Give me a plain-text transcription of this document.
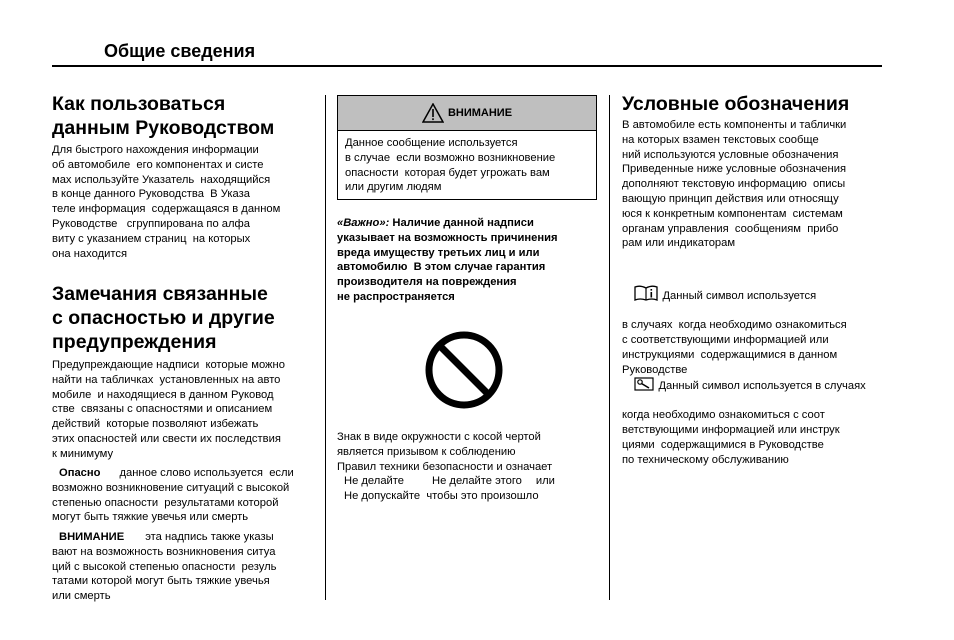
Общие сведения
Как пользоваться
данным Руководством
Для быстрого нахождения информации
об автомобиле  его компонентах и систе
мах используйте Указатель  находящийся
в конце данного Руководства  В Указа
теле информация  содержащаяся в данном
Руководстве   сгруппирована по алфа
виту с указанием страниц  на которых
она находится
Замечания связанные
с опасностью и другие
предупреждения
Предупреждающие надписи  которые можно
найти на табличках  установленных на авто
мобиле  и находящиеся в данном Руковод
стве  связаны с опасностями и описанием
действий  которые позволяют избежать
этих опасностей или свести их последствия
к минимуму
Опасно данное слово используется  если
возможно возникновение ситуаций с высокой
степенью опасности  результатами которой
могут быть тяжкие увечья или смерть
ВНИМАНИЕ эта надпись также указы
вают на возможность возникновения ситуа
ций с высокой степенью опасности  резуль
татами которой могут быть тяжкие увечья
или смерть
ВНИМАНИЕ
Данное сообщение используется
в случае  если возможно возникновение
опасности  которая будет угрожать вам
или другим людям
«Важно»: Наличие данной надписи
указывает на возможность причинения
вреда имуществу третьих лиц и или
автомобилю  В этом случае гарантия
производителя на повреждения
не распространяется
Знак в виде окружности с косой чертой
является призывом к соблюдению
Правил техники безопасности и означает
Не делайте	Не делайте этого или
Не допускайте  чтобы это произошло
Условные обозначения
В автомобиле есть компоненты и таблички
на которых взамен текстовых сообще
ний используются условные обозначения
Приведенные ниже условные обозначения
дополняют текстовую информацию  описы
вающую принцип действия или относящу
юся к конкретным компонентам  системам
органам управления  сообщениям  прибо
рам или индикаторам

Данный символ используется

в случаях  когда необходимо ознакомиться
с соответствующими информацией или
инструкциями  содержащимися в данном
Руководстве

Данный символ используется в случаях

когда необходимо ознакомиться с соот
ветствующими информацией или инструк
циями  содержащимися в Руководстве
по техническому обслуживанию
